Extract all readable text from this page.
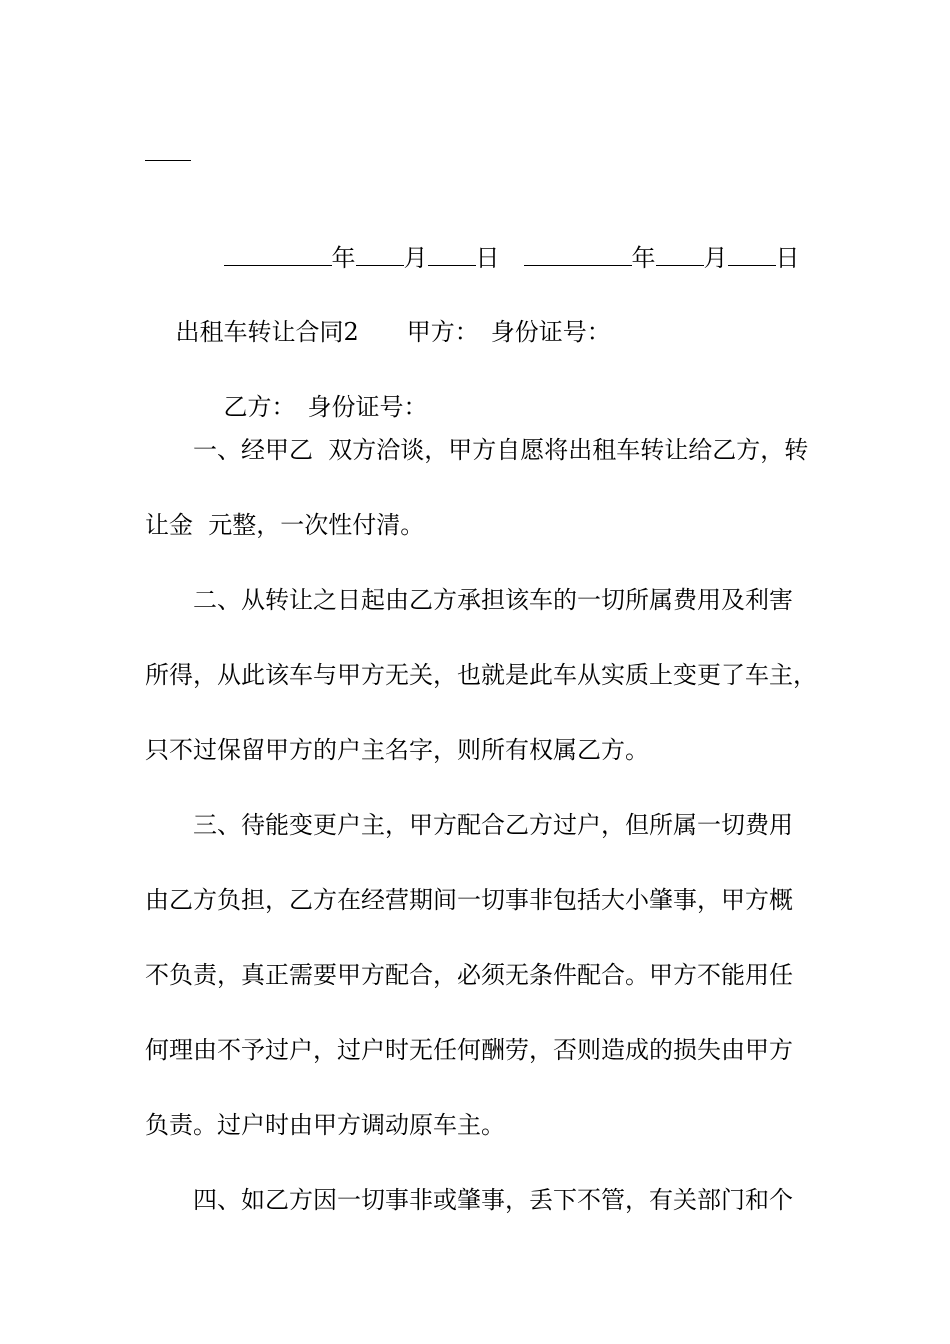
年 月 日	年 月 日

出租车转让合同2 甲方： 身份证号：

乙方： 身份证号：

一、经甲乙  双方洽谈，甲方自愿将出租车转让给乙方，转
让金  元整，一次性付清。
二、从转让之日起由乙方承担该车的一切所属费用及利害
所得，从此该车与甲方无关，也就是此车从实质上变更了车主，
只不过保留甲方的户主名字，则所有权属乙方。
三、待能变更户主，甲方配合乙方过户，但所属一切费用
由乙方负担，乙方在经营期间一切事非包括大小肇事，甲方概
不负责，真正需要甲方配合，必须无条件配合。甲方不能用任
何理由不予过户，过户时无任何酬劳，否则造成的损失由甲方
负责。过户时由甲方调动原车主。
四、如乙方因一切事非或肇事，丢下不管，有关部门和个
